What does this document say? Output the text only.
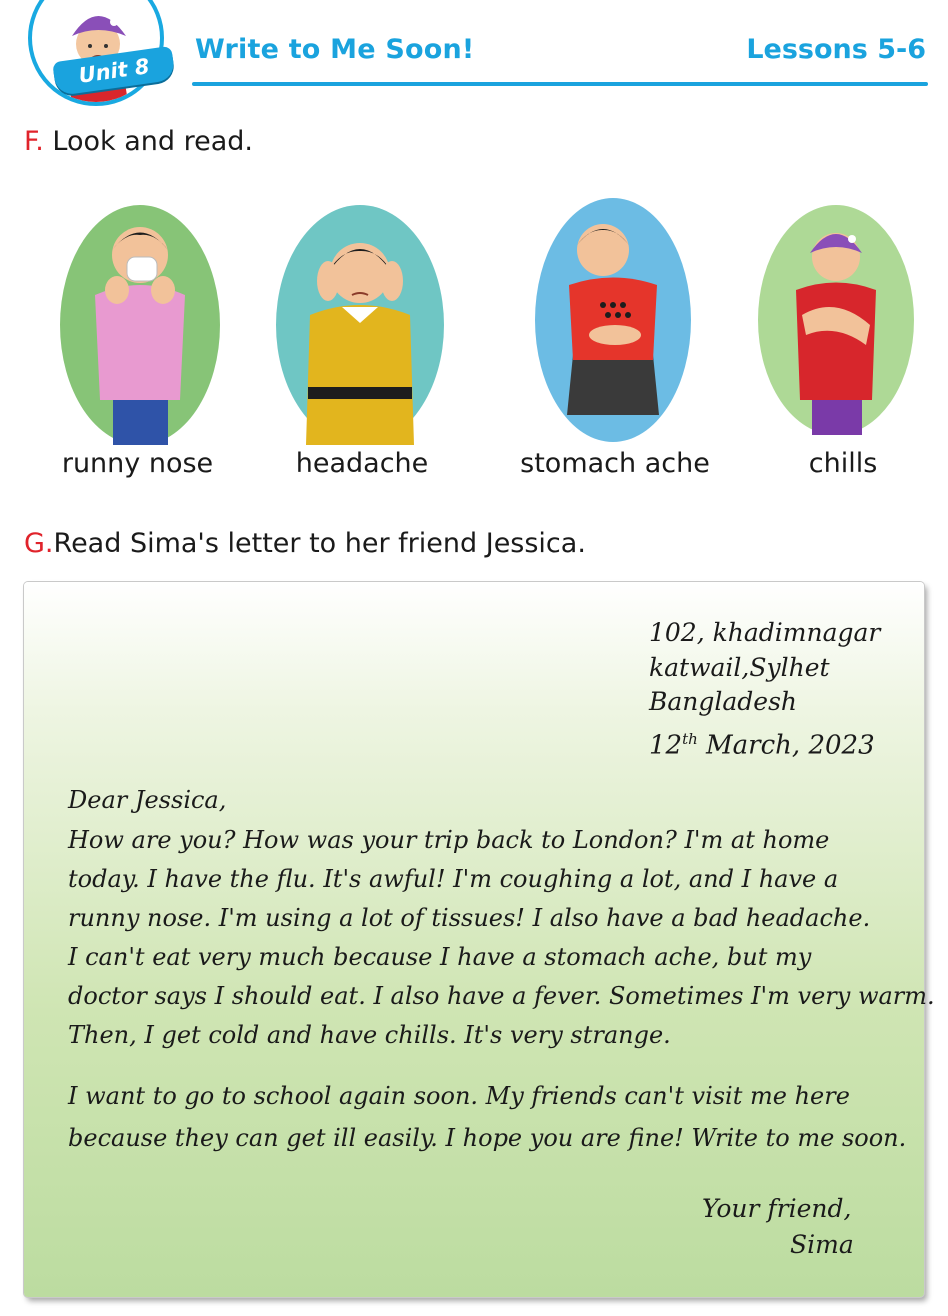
Unit 8
Write to Me Soon!	Lessons 5-6
F. Look and read.
runny nose	headache	stomach ache	chills
G.Read Sima's letter to her friend Jessica.
102, khadimnagar
katwail,Sylhet
Bangladesh
12th March, 2023
Dear Jessica,
How are you? How was your trip back to London? I'm at home
today. I have the flu. It's awful! I'm coughing a lot, and I have a
runny nose. I'm using a lot of tissues! I also have a bad headache.
I can't eat very much because I have a stomach ache, but my
doctor says I should eat. I also have a fever. Sometimes I'm very warm.
Then, I get cold and have chills. It's very strange.
I want to go to school again soon. My friends can't visit me here
because they can get ill easily. I hope you are fine! Write to me soon.
Your friend,
Sima
